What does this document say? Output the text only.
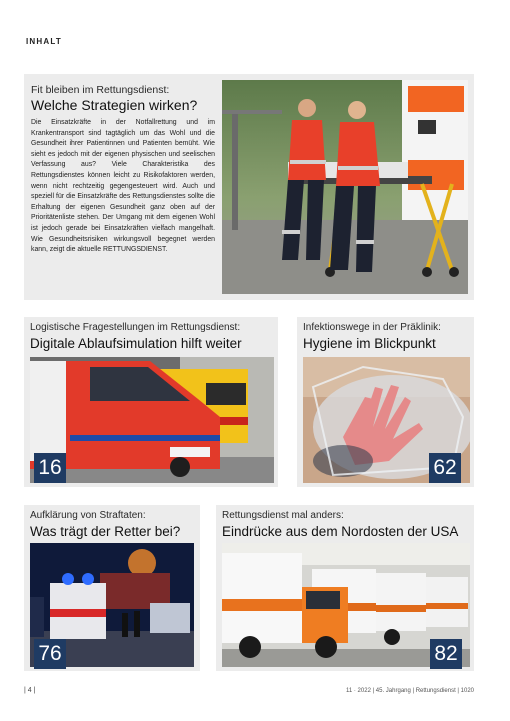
INHALT
Fit bleiben im Rettungsdienst:
Welche Strategien wirken?
Die Einsatzkräfte in der Notfallrettung und im Krankentransport sind tagtäglich um das Wohl und die Gesundheit ihrer Patientinnen und Patienten bemüht. Wie sieht es jedoch mit der eigenen physischen und seelischen Verfassung aus? Viele Charakteristika des Rettungsdienstes können leicht zu Risikofaktoren werden, wenn nicht rechtzeitig gegengesteuert wird. Auch und speziell für die Einsatzkräfte des Rettungsdienstes sollte die Erhaltung der eigenen Gesundheit ganz oben auf der Prioritätenliste stehen. Der Umgang mit dem eigenen Wohl ist jedoch gerade bei Einsatzkräften vielfach mangelhaft. Wie Gesundheitsrisiken wirkungsvoll begegnet werden kann, zeigt die aktuelle RETTUNGSDIENST.
Logistische Fragestellungen im Rettungsdienst:
Digitale Ablaufsimulation hilft weiter
16
Infektionswege in der Präklinik:
Hygiene im Blickpunkt
62
Aufklärung von Straftaten:
Was trägt der Retter bei?
76
Rettungsdienst mal anders:
Eindrücke aus dem Nordosten der USA
82
| 4 |	11 · 2022 | 45. Jahrgang | Rettungsdienst | 1020
